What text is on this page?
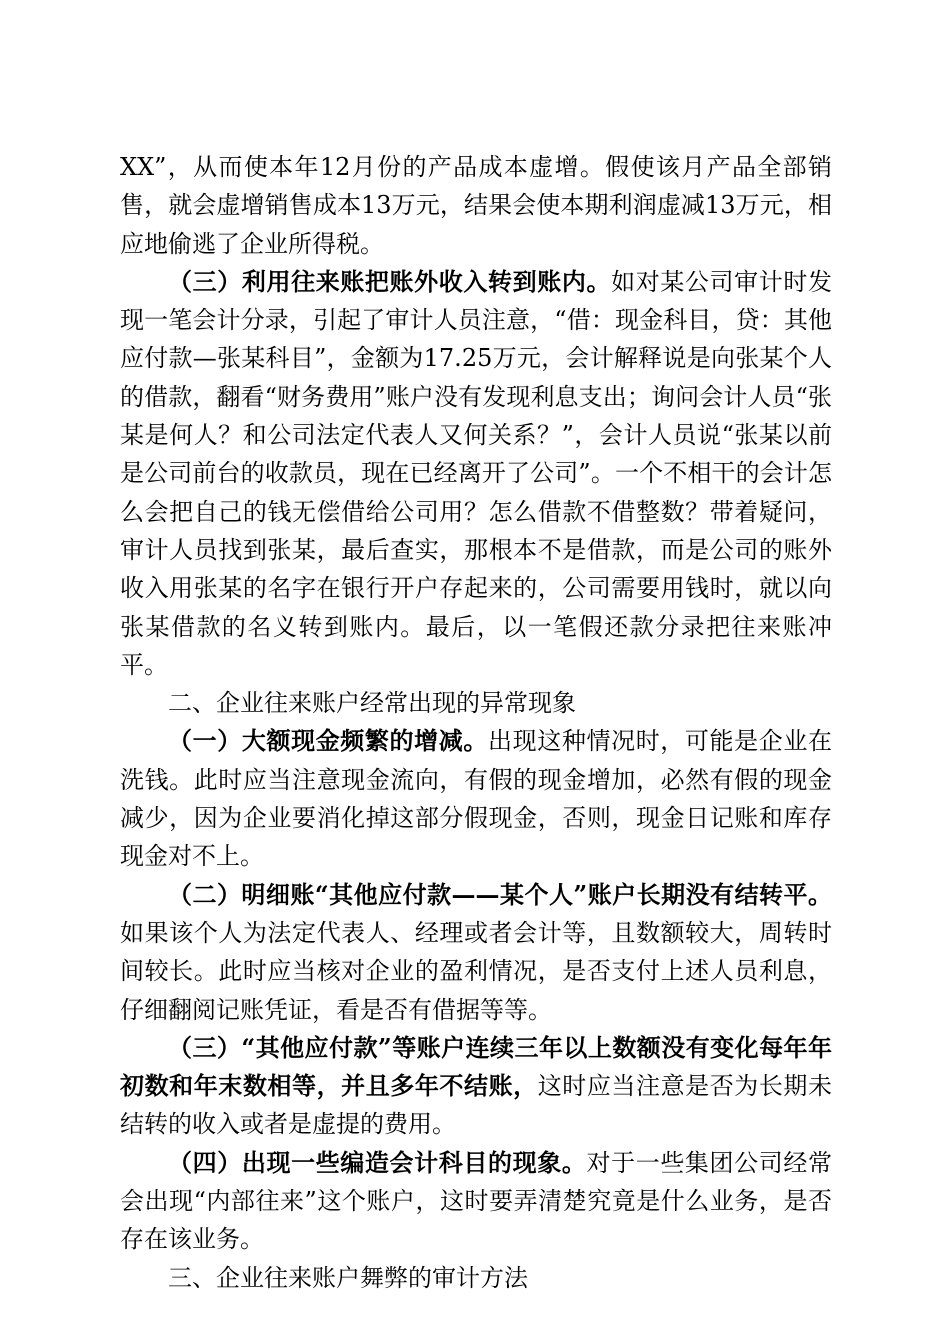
XX”，从而使本年12月份的产品成本虚增。假使该月产品全部销售，就会虚增销售成本13万元，结果会使本期利润虚减13万元，相应地偷逃了企业所得税。

（三）利用往来账把账外收入转到账内。如对某公司审计时发现一笔会计分录，引起了审计人员注意，“借：现金科目，贷：其他应付款—张某科目”，金额为17.25万元，会计解释说是向张某个人的借款，翻看“财务费用”账户没有发现利息支出；询问会计人员“张某是何人？和公司法定代表人又何关系？”，会计人员说“张某以前是公司前台的收款员，现在已经离开了公司”。一个不相干的会计怎么会把自己的钱无偿借给公司用？怎么借款不借整数？带着疑问，审计人员找到张某，最后查实，那根本不是借款，而是公司的账外收入用张某的名字在银行开户存起来的，公司需要用钱时，就以向张某借款的名义转到账内。最后，以一笔假还款分录把往来账冲平。

二、企业往来账户经常出现的异常现象

（一）大额现金频繁的增减。出现这种情况时，可能是企业在洗钱。此时应当注意现金流向，有假的现金增加，必然有假的现金减少，因为企业要消化掉这部分假现金，否则，现金日记账和库存现金对不上。

（二）明细账“其他应付款——某个人”账户长期没有结转平。如果该个人为法定代表人、经理或者会计等，且数额较大，周转时间较长。此时应当核对企业的盈利情况，是否支付上述人员利息，仔细翻阅记账凭证，看是否有借据等等。

（三）“其他应付款”等账户连续三年以上数额没有变化每年年初数和年末数相等，并且多年不结账，这时应当注意是否为长期未结转的收入或者是虚提的费用。

（四）出现一些编造会计科目的现象。对于一些集团公司经常会出现“内部往来”这个账户，这时要弄清楚究竟是什么业务，是否存在该业务。

三、企业往来账户舞弊的审计方法
